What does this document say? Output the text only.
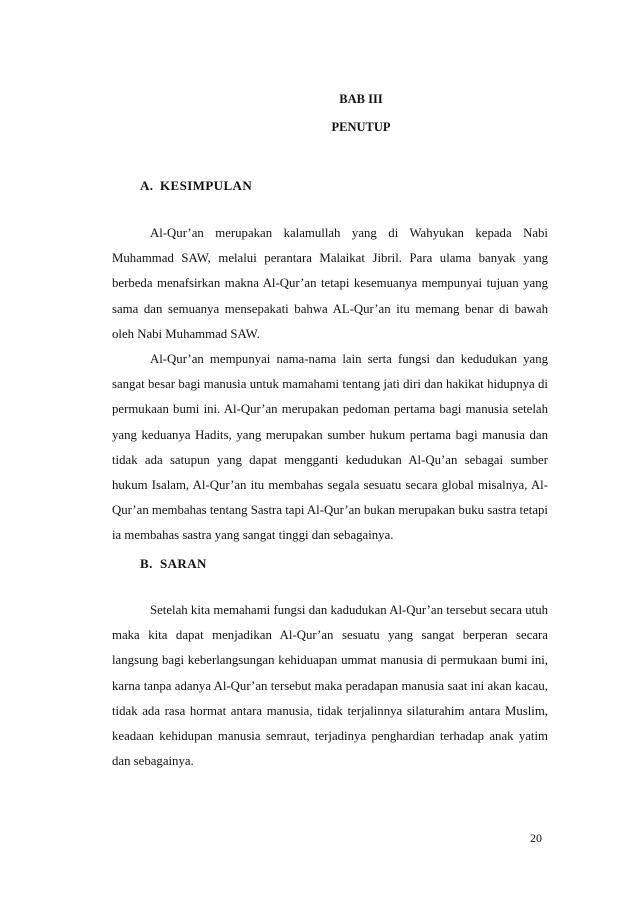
BAB III
PENUTUP
A. KESIMPULAN

Al-Qur’an merupakan kalamullah yang di Wahyukan kepada Nabi Muhammad SAW, melalui perantara Malaikat Jibril. Para ulama banyak yang berbeda menafsirkan makna Al-Qur’an tetapi kesemuanya mempunyai tujuan yang sama dan semuanya mensepakati bahwa AL-Qur’an itu memang benar di bawah oleh Nabi Muhammad SAW.

Al-Qur’an mempunyai nama-nama lain serta fungsi dan kedudukan yang sangat besar bagi manusia untuk mamahami tentang jati diri dan hakikat hidupnya di permukaan bumi ini. Al-Qur’an merupakan pedoman pertama bagi manusia setelah yang keduanya Hadits, yang merupakan sumber hukum pertama bagi manusia dan tidak ada satupun yang dapat mengganti kedudukan Al-Qu’an sebagai sumber hukum Isalam, Al-Qur’an itu membahas segala sesuatu secara global misalnya, Al-Qur’an membahas tentang Sastra tapi Al-Qur’an bukan merupakan buku sastra tetapi ia membahas sastra yang sangat tinggi dan sebagainya.

B. SARAN

Setelah kita memahami fungsi dan kadudukan Al-Qur’an tersebut secara utuh maka kita dapat menjadikan Al-Qur’an sesuatu yang sangat berperan secara langsung bagi keberlangsungan kehiduapan ummat manusia di permukaan bumi ini, karna tanpa adanya Al-Qur’an tersebut maka peradapan manusia saat ini akan kacau, tidak ada rasa hormat antara manusia, tidak terjalinnya silaturahim antara Muslim, keadaan kehidupan manusia semraut, terjadinya penghardian terhadap anak yatim dan sebagainya.

20
